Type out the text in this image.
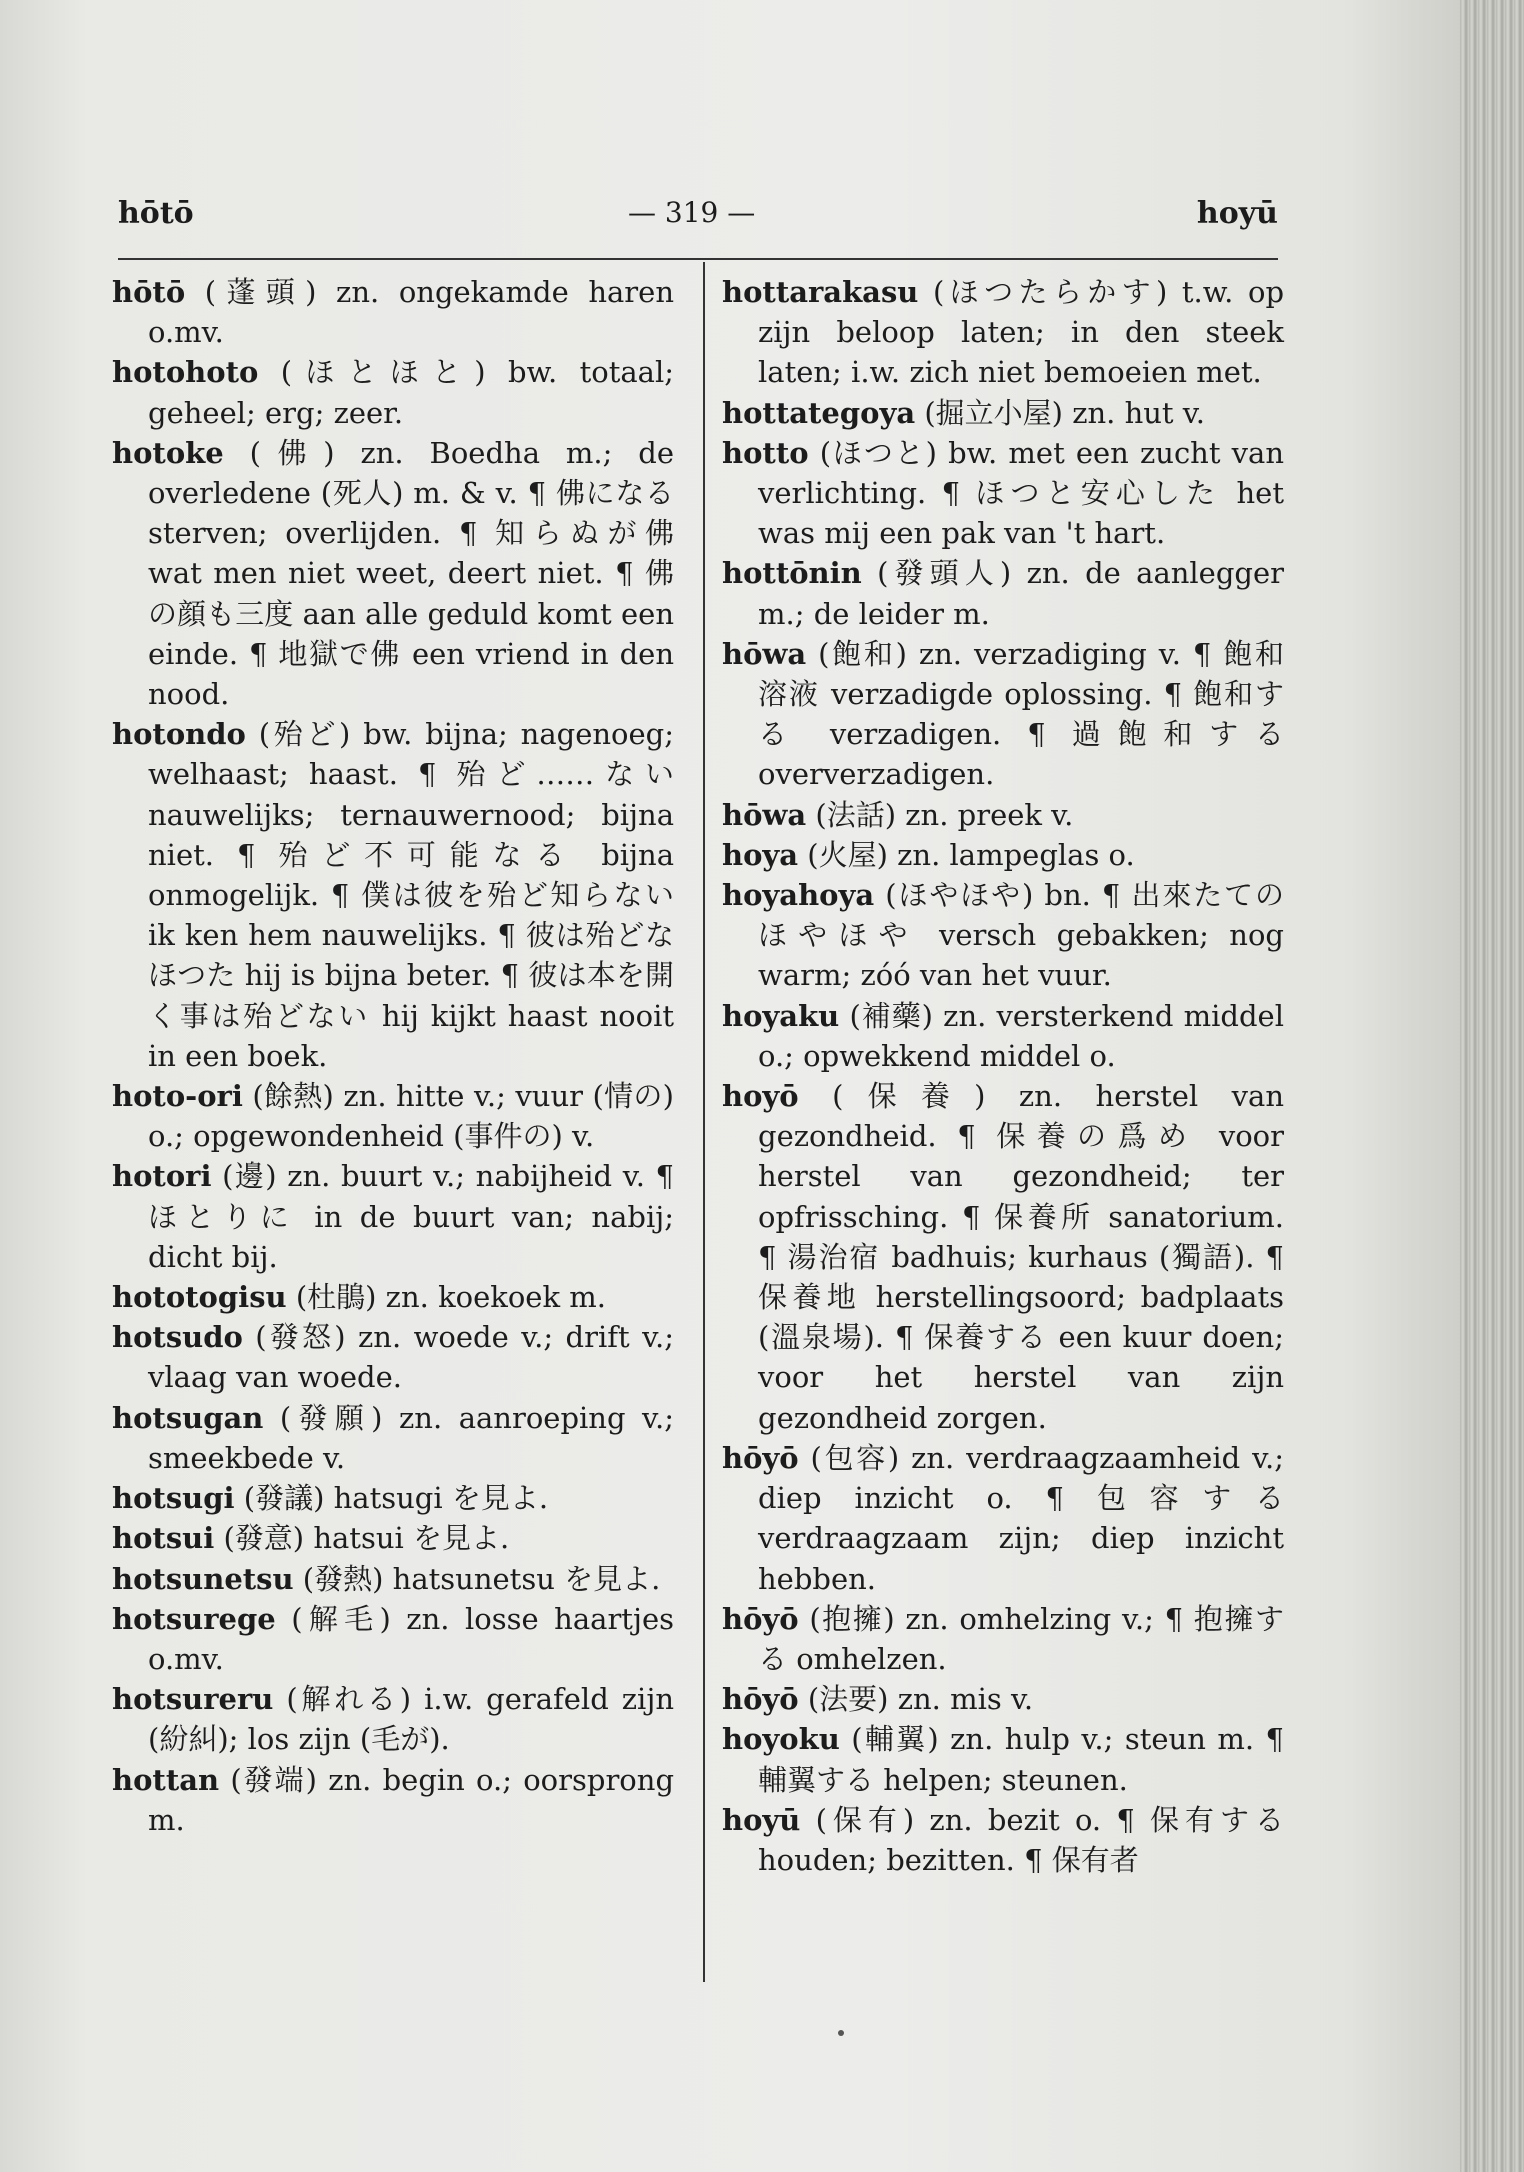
hōtō	— 319 —	hoyū

hōtō (蓬頭) zn. ongekamde haren o.mv.

hotohoto (ほとほと) bw. totaal; geheel; erg; zeer.

hotoke (佛) zn. Boedha m.; de overledene (死人) m. & v. ¶ 佛になる sterven; overlijden. ¶ 知らぬが佛 wat men niet weet, deert niet. ¶ 佛の顔も三度 aan alle geduld komt een einde. ¶ 地獄で佛 een vriend in den nood.

hotondo (殆ど) bw. bijna; nagenoeg; welhaast; haast. ¶ 殆ど……ない nauwelijks; ternauwernood; bijna niet. ¶ 殆ど不可能なる bijna onmogelijk. ¶ 僕は彼を殆ど知らない ik ken hem nauwelijks. ¶ 彼は殆どなほつた hij is bijna beter. ¶ 彼は本を開く事は殆どない hij kijkt haast nooit in een boek.

hoto-ori (餘熱) zn. hitte v.; vuur (情の) o.; opgewondenheid (事件の) v.

hotori (邊) zn. buurt v.; nabijheid v. ¶ ほとりに in de buurt van; nabij; dicht bij.

hototogisu (杜鵑) zn. koekoek m.

hotsudo (發怒) zn. woede v.; drift v.; vlaag van woede.

hotsugan (發願) zn. aanroeping v.; smeekbede v.

hotsugi (發議) hatsugi を見よ.

hotsui (發意) hatsui を見よ.

hotsunetsu (發熱) hatsunetsu を見よ.

hotsurege (解毛) zn. losse haartjes o.mv.

hotsureru (解れる) i.w. gerafeld zijn (紛糾); los zijn (毛が).

hottan (發端) zn. begin o.; oorsprong m.

hottarakasu (ほつたらかす) t.w. op zijn beloop laten; in den steek laten; i.w. zich niet bemoeien met.

hottategoya (掘立小屋) zn. hut v.

hotto (ほつと) bw. met een zucht van verlichting. ¶ ほつと安心した het was mij een pak van 't hart.

hottōnin (發頭人) zn. de aanlegger m.; de leider m.

hōwa (飽和) zn. verzadiging v. ¶ 飽和溶液 verzadigde oplossing. ¶ 飽和する verzadigen. ¶ 過飽和する oververzadigen.

hōwa (法話) zn. preek v.

hoya (火屋) zn. lampeglas o.

hoyahoya (ほやほや) bn. ¶ 出來たてのほやほや versch gebakken; nog warm; zóó van het vuur.

hoyaku (補藥) zn. versterkend middel o.; opwekkend middel o.

hoyō (保養) zn. herstel van gezondheid. ¶ 保養の爲め voor herstel van gezondheid; ter opfrissching. ¶ 保養所 sanatorium. ¶ 湯治宿 badhuis; kurhaus (獨語). ¶ 保養地 herstellingsoord; badplaats (溫泉場). ¶ 保養する een kuur doen; voor het herstel van zijn gezondheid zorgen.

hōyō (包容) zn. verdraagzaamheid v.; diep inzicht o. ¶ 包容する verdraagzaam zijn; diep inzicht hebben.

hōyō (抱擁) zn. omhelzing v.; ¶ 抱擁する omhelzen.

hōyō (法要) zn. mis v.

hoyoku (輔翼) zn. hulp v.; steun m. ¶ 輔翼する helpen; steunen.

hoyū (保有) zn. bezit o. ¶ 保有する houden; bezitten. ¶ 保有者
